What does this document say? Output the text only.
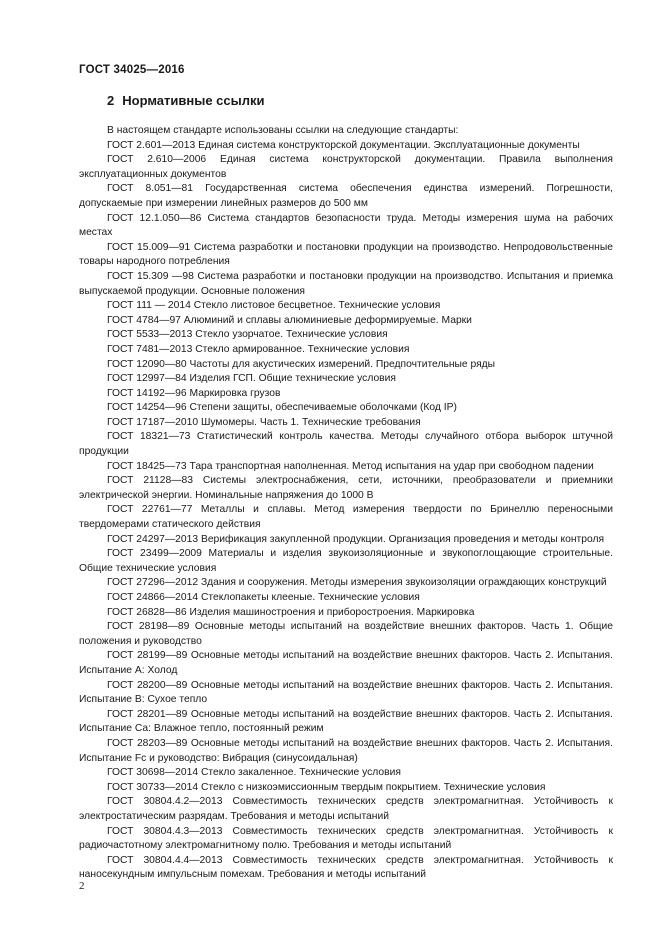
ГОСТ 34025—2016
2 Нормативные ссылки

В настоящем стандарте использованы ссылки на следующие стандарты:

ГОСТ 2.601—2013 Единая система конструкторской документации. Эксплуатационные документы

ГОСТ 2.610—2006 Единая система конструкторской документации. Правила выполнения эксплуатационных документов

ГОСТ 8.051—81 Государственная система обеспечения единства измерений. Погрешности, допускаемые при измерении линейных размеров до 500 мм

ГОСТ 12.1.050—86 Система стандартов безопасности труда. Методы измерения шума на рабочих местах

ГОСТ 15.009—91 Система разработки и постановки продукции на производство. Непродовольственные товары народного потребления

ГОСТ 15.309 —98 Система разработки и постановки продукции на производство. Испытания и приемка выпускаемой продукции. Основные положения

ГОСТ 111 — 2014 Стекло листовое бесцветное. Технические условия

ГОСТ 4784—97 Алюминий и сплавы алюминиевые деформируемые. Марки

ГОСТ 5533—2013 Стекло узорчатое. Технические условия

ГОСТ 7481—2013 Стекло армированное. Технические условия

ГОСТ 12090—80 Частоты для акустических измерений. Предпочтительные ряды

ГОСТ 12997—84 Изделия ГСП. Общие технические условия

ГОСТ 14192—96 Маркировка грузов

ГОСТ 14254—96 Степени защиты, обеспечиваемые оболочками (Код IP)

ГОСТ 17187—2010 Шумомеры. Часть 1. Технические требования

ГОСТ 18321—73 Статистический контроль качества. Методы случайного отбора выборок штучной продукции

ГОСТ 18425—73 Тара транспортная наполненная. Метод испытания на удар при свободном падении

ГОСТ 21128—83 Системы электроснабжения, сети, источники, преобразователи и приемники электрической энергии. Номинальные напряжения до 1000 В

ГОСТ 22761—77 Металлы и сплавы. Метод измерения твердости по Бринеллю переносными твердомерами статического действия

ГОСТ 24297—2013 Верификация закупленной продукции. Организация проведения и методы контроля

ГОСТ 23499—2009 Материалы и изделия звукоизоляционные и звукопоглощающие строительные. Общие технические условия

ГОСТ 27296—2012 Здания и сооружения. Методы измерения звукоизоляции ограждающих конструкций

ГОСТ 24866—2014 Стеклопакеты клееные. Технические условия

ГОСТ 26828—86 Изделия машиностроения и приборостроения. Маркировка

ГОСТ 28198—89 Основные методы испытаний на воздействие внешних факторов. Часть 1. Общие положения и руководство

ГОСТ 28199—89 Основные методы испытаний на воздействие внешних факторов. Часть 2. Испытания. Испытание А: Холод

ГОСТ 28200—89 Основные методы испытаний на воздействие внешних факторов. Часть 2. Испытания. Испытание В: Сухое тепло

ГОСТ 28201—89 Основные методы испытаний на воздействие внешних факторов. Часть 2. Испытания. Испытание Са: Влажное тепло, постоянный режим

ГОСТ 28203—89 Основные методы испытаний на воздействие внешних факторов. Часть 2. Испытания. Испытание Fc и руководство: Вибрация (синусоидальная)

ГОСТ 30698—2014 Стекло закаленное. Технические условия

ГОСТ 30733—2014 Стекло с низкоэмиссионным твердым покрытием. Технические условия

ГОСТ 30804.4.2—2013 Совместимость технических средств электромагнитная. Устойчивость к электростатическим разрядам. Требования и методы испытаний

ГОСТ 30804.4.3—2013 Совместимость технических средств электромагнитная. Устойчивость к радиочастотному электромагнитному полю. Требования и методы испытаний

ГОСТ 30804.4.4—2013 Совместимость технических средств электромагнитная. Устойчивость к наносекундным импульсным помехам. Требования и методы испытаний

2
